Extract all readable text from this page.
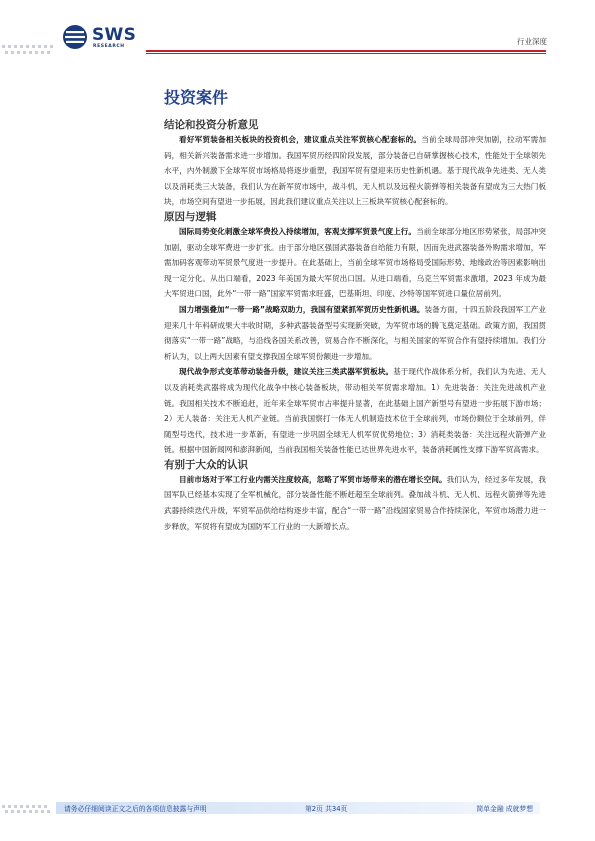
SWS
RESEARCH
行业深度
投资案件
结论和投资分析意见

看好军贸装备相关板块的投资机会，建议重点关注军贸核心配套标的。当前全球局部冲突加剧，拉动军需加码，相关新兴装备需求进一步增加。我国军贸历经四阶段发展，部分装备已自研掌握核心技术，性能处于全球领先水平，内外制激下全球军贸市场格局将逐步重塑，我国军贸有望迎来历史性新机遇。基于现代战争先进类、无人类以及消耗类三大装备，我们认为在新军贸市场中，战斗机、无人机以及远程火箭弹等相关装备有望成为三大热门板块，市场空间有望进一步拓展，因此我们建议重点关注以上三板块军贸核心配套标的。

原因与逻辑

国际局势变化刺激全球军费投入持续增加，客观支撑军贸景气度上行。当前全球部分地区形势紧张，局部冲突加剧，驱动全球军费进一步扩张。由于部分地区强国武器装备自给能力有限，因而先进武器装备外购需求增加，军需加码客观带动军贸景气度进一步提升。在此基础上，当前全球军贸市场格局受国际形势、地缘政治等因素影响出现一定分化。从出口端看，2023 年美国为最大军贸出口国。从进口端看，乌克兰军贸需求激增，2023 年成为最大军贸进口国，此外“一带一路”国家军贸需求旺盛，巴基斯坦、印度、沙特等国军贸进口量位居前列。

国力增强叠加“一带一路”战略双助力，我国有望紧抓军贸历史性新机遇。装备方面，十四五阶段我国军工产业迎来几十年科研成果大丰收时期，多种武器装备型号实现新突破，为军贸市场的腾飞奠定基础。政策方面，我国贯彻落实“一带一路”战略，与沿线各国关系改善，贸易合作不断深化，与相关国家的军贸合作有望持续增加。我们分析认为，以上两大因素有望支撑我国全球军贸份额进一步增加。

现代战争形式变革带动装备升级，建议关注三类武器军贸板块。基于现代作战体系分析，我们认为先进、无人以及消耗类武器将成为现代化战争中核心装备板块，带动相关军贸需求增加。1）先进装备：关注先进战机产业链。我国相关技术不断追赶，近年来全球军贸市占率提升显著，在此基础上国产新型号有望进一步拓展下游市场；2）无人装备：关注无人机产业链。当前我国察打一体无人机制造技术位于全球前列，市场份额位于全球前列，伴随型号迭代，技术进一步革新，有望进一步巩固全球无人机军贸优势地位；3）消耗类装备：关注远程火箭弹产业链。根据中国新闻网和澎湃新闻，当前我国相关装备性能已达世界先进水平，装备消耗属性支撑下游军贸高需求。

有别于大众的认识

目前市场对于军工行业内需关注度较高，忽略了军贸市场带来的潜在增长空间。我们认为，经过多年发展，我国军队已经基本实现了全军机械化，部分装备性能不断赶超至全球前列。叠加战斗机、无人机、远程火箭弹等先进武器持续迭代升级，军贸军品供给结构逐步丰富，配合“一带一路”沿线国家贸易合作持续深化，军贸市场潜力进一步释放，军贸将有望成为国防军工行业的一大新增长点。

请务必仔细阅读正文之后的各项信息披露与声明	第2页 共34页	简单金融 成就梦想
